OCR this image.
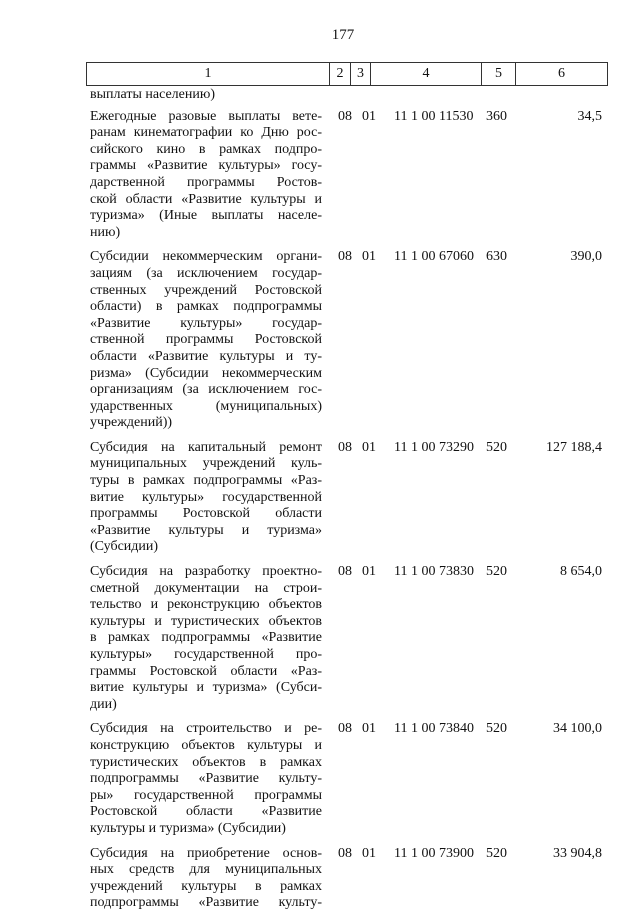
177
1	2 3	4	5	6
выплаты населению)
Ежегодные разовые выплаты вете-
ранам кинематографии ко Дню рос-
сийского кино в рамках подпро-
граммы «Развитие культуры» госу-
дарственной программы Ростов-
ской области «Развитие культуры и
туризма» (Иные выплаты населе-
нию)
08 01	11 1 00 11530 360	34,5
Субсидии некоммерческим органи-
зациям (за исключением государ-
ственных учреждений Ростовской
области) в рамках подпрограммы
«Развитие культуры» государ-
ственной программы Ростовской
области «Развитие культуры и ту-
ризма» (Субсидии некоммерческим
организациям (за исключением гос-
ударственных (муниципальных)
учреждений))
08 01	11 1 00 67060 630	390,0
Субсидия на капитальный ремонт
муниципальных учреждений куль-
туры в рамках подпрограммы «Раз-
витие культуры» государственной
программы Ростовской области
«Развитие культуры и туризма»
(Субсидии)
08 01	11 1 00 73290 520	127 188,4
Субсидия на разработку проектно-
сметной документации на строи-
тельство и реконструкцию объектов
культуры и туристических объектов
в рамках подпрограммы «Развитие
культуры» государственной про-
граммы Ростовской области «Раз-
витие культуры и туризма» (Субси-
дии)
08 01	11 1 00 73830 520	8 654,0
Субсидия на строительство и ре-
конструкцию объектов культуры и
туристических объектов в рамках
подпрограммы «Развитие культу-
ры» государственной программы
Ростовской области «Развитие
культуры и туризма» (Субсидии)
08 01	11 1 00 73840 520	34 100,0
Субсидия на приобретение основ-
ных средств для муниципальных
учреждений культуры в рамках
подпрограммы «Развитие культу-
08 01	11 1 00 73900 520	33 904,8
